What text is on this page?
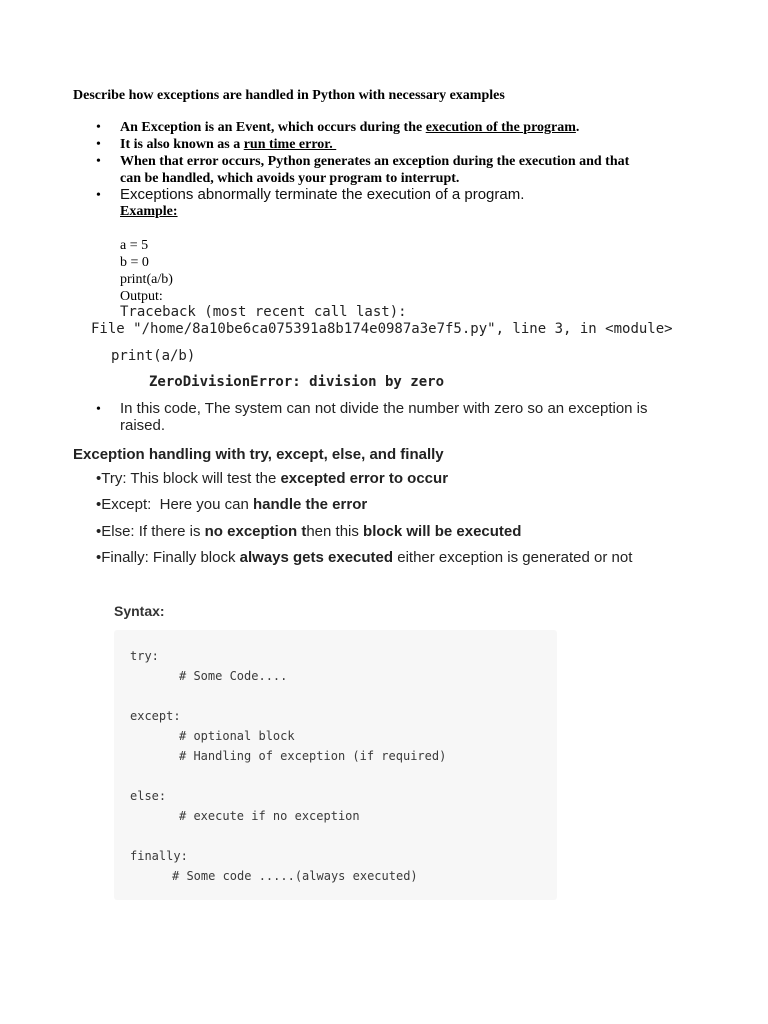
Describe how exceptions are handled in Python with necessary examples
• An Exception is an Event, which occurs during the execution of the program.
• It is also known as a run time error.
• When that error occurs, Python generates an exception during the execution and that
can be handled, which avoids your program to interrupt.
• Exceptions abnormally terminate the execution of a program.
Example:
a = 5
b = 0
print(a/b)
Output:
Traceback (most recent call last):
File "/home/8a10be6ca075391a8b174e0987a3e7f5.py", line 3, in <module>
print(a/b)
ZeroDivisionError: division by zero
• In this code, The system can not divide the number with zero so an exception is
raised.
Exception handling with try, except, else, and finally
•Try: This block will test the excepted error to occur
•Except:  Here you can handle the error
•Else: If there is no exception then this block will be executed
•Finally: Finally block always gets executed either exception is generated or not
Syntax:
try:
# Some Code....
except:
# optional block
# Handling of exception (if required)
else:
# execute if no exception
finally:
# Some code .....(always executed)
